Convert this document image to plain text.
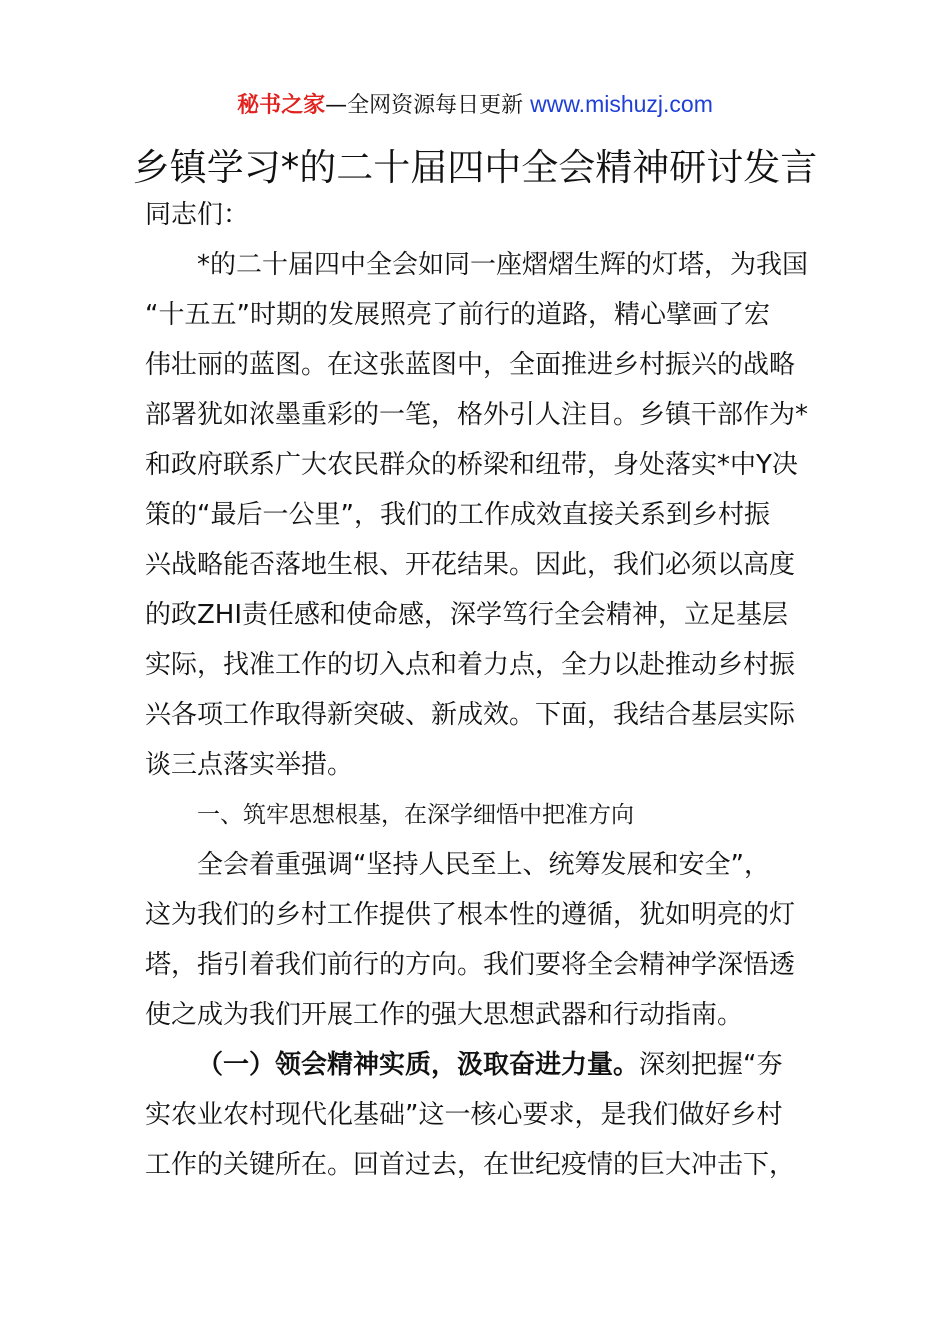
秘书之家—全网资源每日更新 www.mishuzj.com
乡镇学习*的二十届四中全会精神研讨发言
同志们：
*的二十届四中全会如同一座熠熠生辉的灯塔，为我国
“十五五”时期的发展照亮了前行的道路，精心擘画了宏
伟壮丽的蓝图。在这张蓝图中，全面推进乡村振兴的战略
部署犹如浓墨重彩的一笔，格外引人注目。乡镇干部作为*
和政府联系广大农民群众的桥梁和纽带，身处落实*中Y决
策的“最后一公里”，我们的工作成效直接关系到乡村振
兴战略能否落地生根、开花结果。因此，我们必须以高度
的政ZHI责任感和使命感，深学笃行全会精神，立足基层
实际，找准工作的切入点和着力点，全力以赴推动乡村振
兴各项工作取得新突破、新成效。下面，我结合基层实际
谈三点落实举措。
一、筑牢思想根基，在深学细悟中把准方向
全会着重强调“坚持人民至上、统筹发展和安全”，
这为我们的乡村工作提供了根本性的遵循，犹如明亮的灯
塔，指引着我们前行的方向。我们要将全会精神学深悟透
使之成为我们开展工作的强大思想武器和行动指南。
（一）领会精神实质，汲取奋进力量。深刻把握“夯
实农业农村现代化基础”这一核心要求，是我们做好乡村
工作的关键所在。回首过去，在世纪疫情的巨大冲击下，
